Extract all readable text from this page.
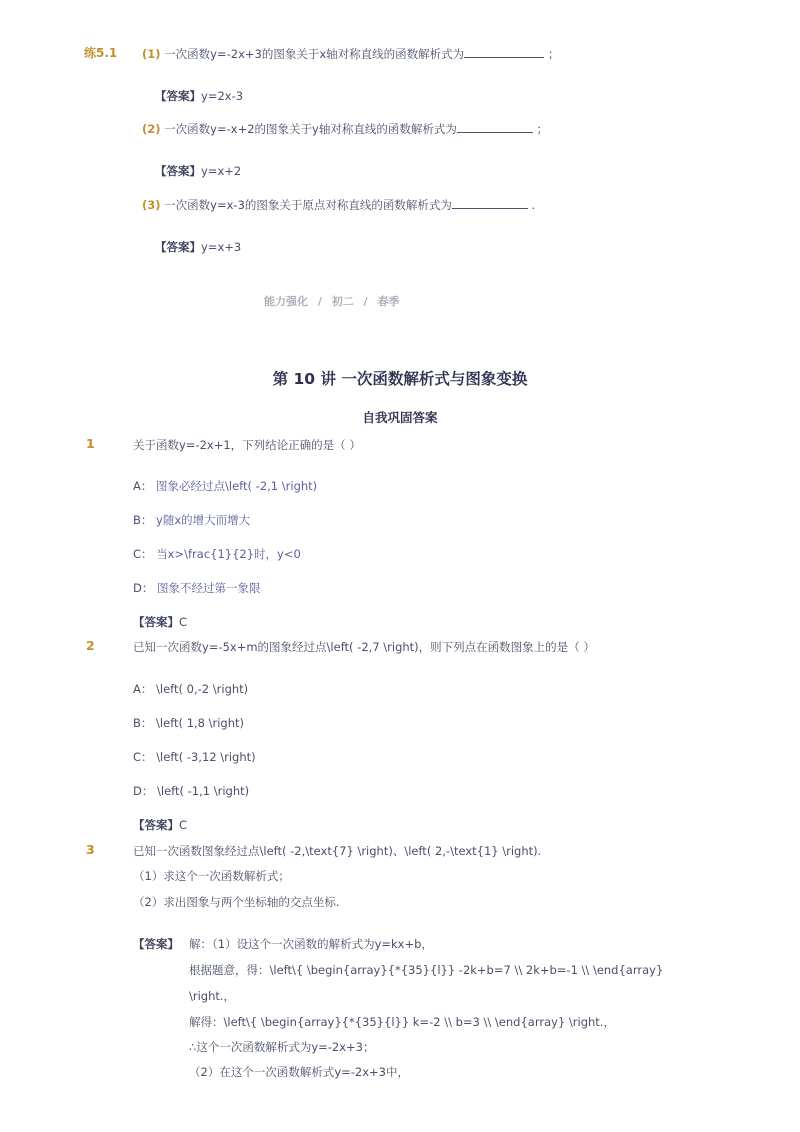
练5.1 (1) 一次函数y=-2x+3的图象关于x轴对称直线的函数解析式为	；
【答案】y=2x-3
(2) 一次函数y=-x+2的图象关于y轴对称直线的函数解析式为	；
【答案】y=x+2
(3) 一次函数y=x-3的图象关于原点对称直线的函数解析式为	.
【答案】y=x+3
能力强化 / 初二 / 春季
第 10 讲 一次函数解析式与图象变换
自我巩固答案
1	关于函数y=-2x+1，下列结论正确的是（ ）
A： 图象必经过点\left( -2,1 \right)
B： y随x的增大而增大
C： 当x>\frac{1}{2}时，y<0
D： 图象不经过第一象限
【答案】C
2	已知一次函数y=-5x+m的图象经过点\left( -2,7 \right)，则下列点在函数图象上的是（ ）
A： \left( 0,-2 \right)
B： \left( 1,8 \right)
C： \left( -3,12 \right)
D： \left( -1,1 \right)
【答案】C
3	已知一次函数图象经过点\left( -2,\text{7} \right)、\left( 2,-\text{1} \right).
（1）求这个一次函数解析式；
（2）求出图象与两个坐标轴的交点坐标.
【答案】 解：（1）设这个一次函数的解析式为y=kx+b，
根据题意，得：\left\{ \begin{array}{*{35}{l}} -2k+b=7 \\ 2k+b=-1 \\ \end{array}
\right.，
解得：\left\{ \begin{array}{*{35}{l}} k=-2 \\ b=3 \\ \end{array} \right.，
∴这个一次函数解析式为y=-2x+3；
（2）在这个一次函数解析式y=-2x+3中，
